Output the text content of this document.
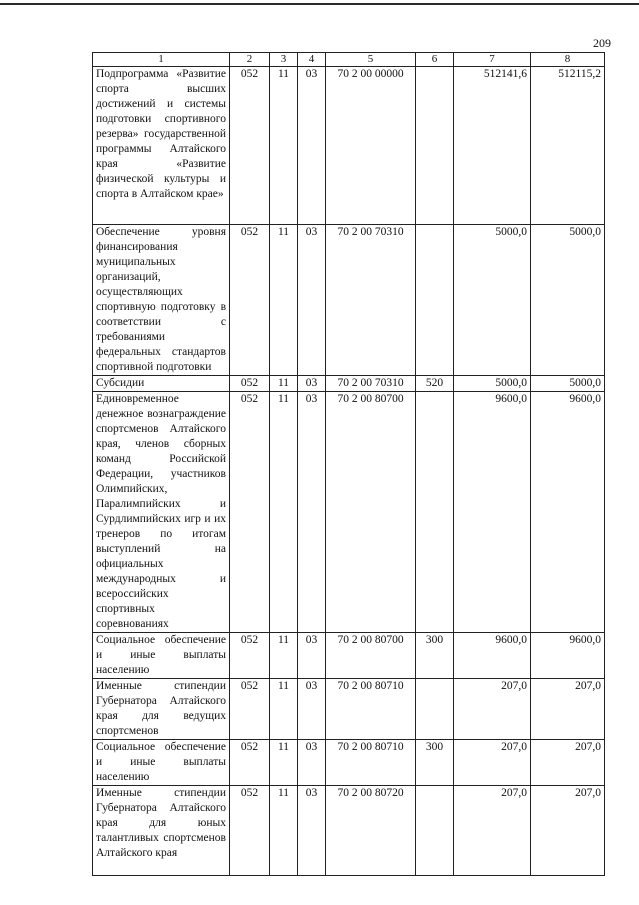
209
1	2	3	4	5	6	7	8
Подпрограмма «Развитие спорта высших достижений и системы подготовки спортивного резерва» государственной программы Алтайского края «Развитие физической культуры и спорта в Алтайском крае»	052	11	03	70 2 00 00000		512141,6	512115,2
Обеспечение уровня финансирования муниципальных организаций, осуществляющих спортивную подготовку в соответствии с требованиями федеральных стандартов спортивной подготовки	052	11	03	70 2 00 70310		5000,0	5000,0
Субсидии	052	11	03	70 2 00 70310	520	5000,0	5000,0
Единовременное денежное вознаграждение спортсменов Алтайского края, членов сборных команд Российской Федерации, участников Олимпийских, Паралимпийских и Сурдлимпийских игр и их тренеров по итогам выступлений на официальных международных и всероссийских спортивных соревнованиях	052	11	03	70 2 00 80700		9600,0	9600,0
Социальное обеспечение и иные выплаты населению	052	11	03	70 2 00 80700	300	9600,0	9600,0
Именные стипендии Губернатора Алтайского края для ведущих спортсменов	052	11	03	70 2 00 80710		207,0	207,0
Социальное обеспечение и иные выплаты населению	052	11	03	70 2 00 80710	300	207,0	207,0
Именные стипендии Губернатора Алтайского края для юных талантливых спортсменов Алтайского края	052	11	03	70 2 00 80720		207,0	207,0
